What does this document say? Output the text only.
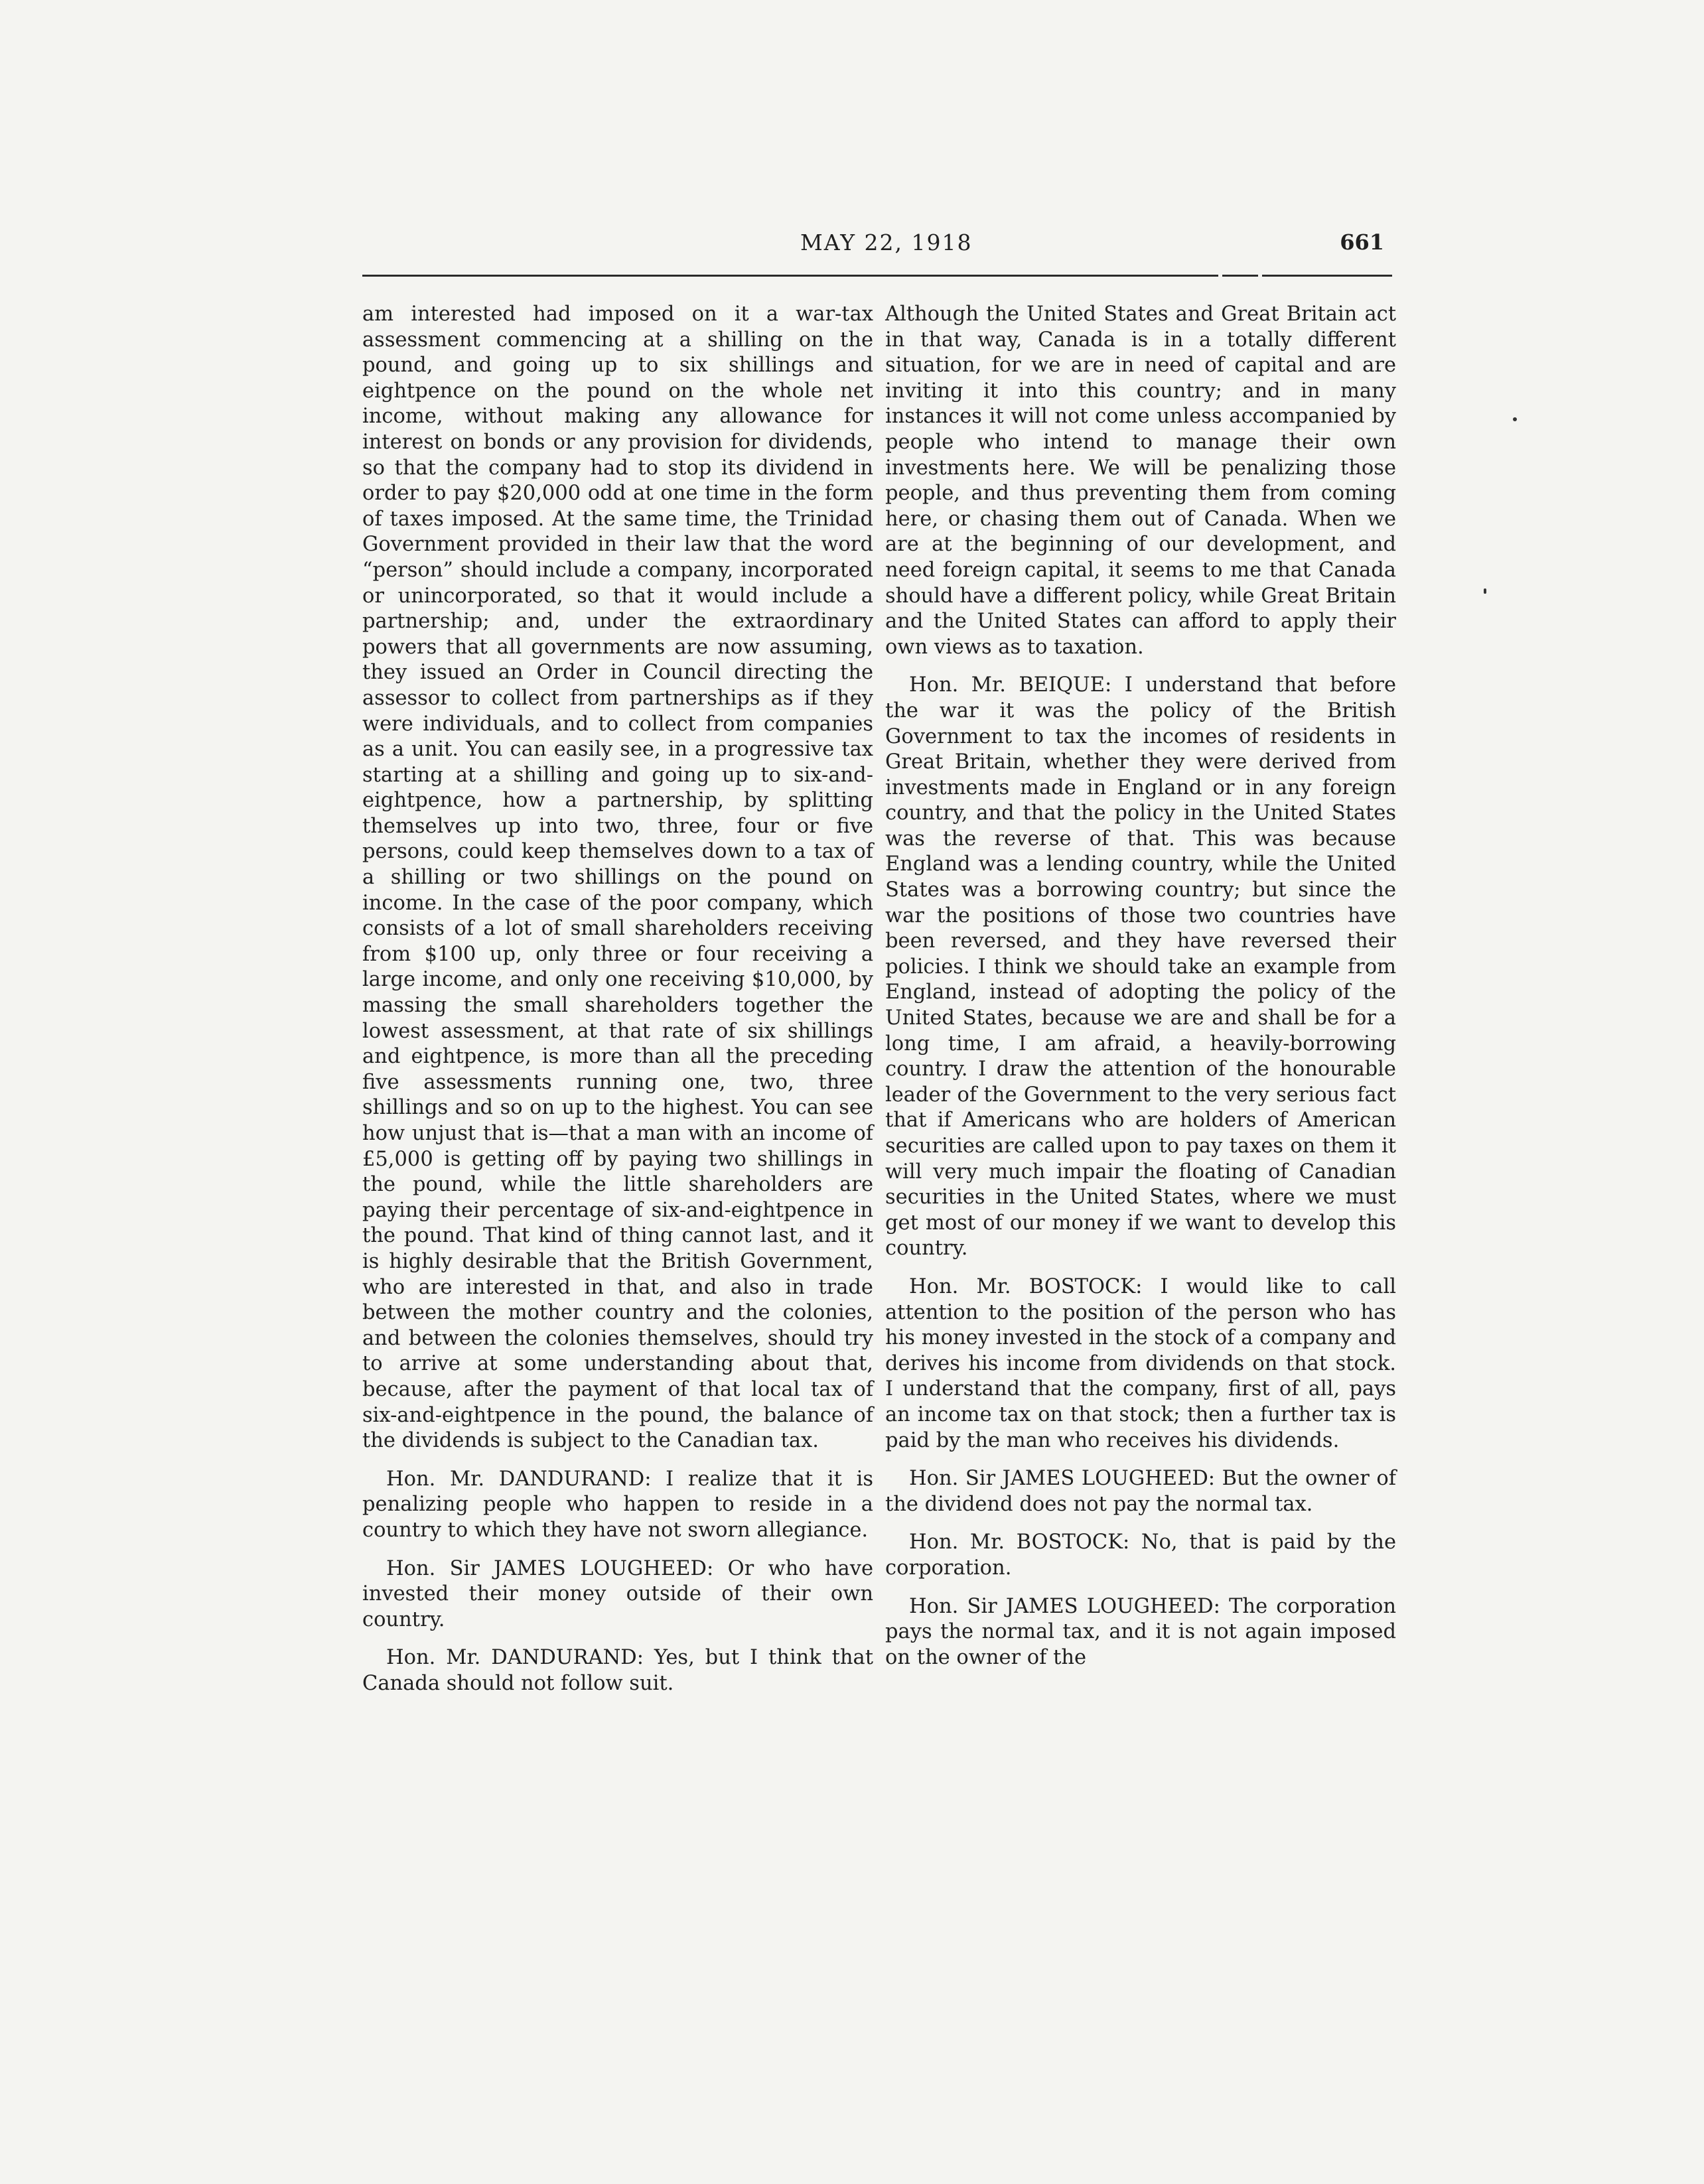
MAY 22, 1918	661

am interested had imposed on it a war-tax assessment commencing at a shilling on the pound, and going up to six shillings and eightpence on the pound on the whole net income, without making any allowance for interest on bonds or any provision for dividends, so that the company had to stop its dividend in order to pay $20,000 odd at one time in the form of taxes imposed. At the same time, the Trinidad Government provided in their law that the word “person” should include a company, incorporated or unincorporated, so that it would include a partnership; and, under the extraordinary powers that all governments are now assuming, they issued an Order in Council directing the assessor to collect from partnerships as if they were individuals, and to collect from companies as a unit. You can easily see, in a progressive tax starting at a shilling and going up to six-and-eightpence, how a partnership, by splitting themselves up into two, three, four or five persons, could keep themselves down to a tax of a shilling or two shillings on the pound on income. In the case of the poor company, which consists of a lot of small shareholders receiving from $100 up, only three or four receiving a large income, and only one receiving $10,000, by massing the small shareholders together the lowest assessment, at that rate of six shillings and eightpence, is more than all the preceding five assessments running one, two, three shillings and so on up to the highest. You can see how unjust that is—that a man with an income of £5,000 is getting off by paying two shillings in the pound, while the little shareholders are paying their percentage of six-and-eightpence in the pound. That kind of thing cannot last, and it is highly desirable that the British Government, who are interested in that, and also in trade between the mother country and the colonies, and between the colonies themselves, should try to arrive at some understanding about that, because, after the payment of that local tax of six-and-eightpence in the pound, the balance of the dividends is subject to the Canadian tax.

Hon. Mr. DANDURAND: I realize that it is penalizing people who happen to reside in a country to which they have not sworn allegiance.

Hon. Sir JAMES LOUGHEED: Or who have invested their money outside of their own country.

Hon. Mr. DANDURAND: Yes, but I think that Canada should not follow suit.

Although the United States and Great Britain act in that way, Canada is in a totally different situation, for we are in need of capital and are inviting it into this country; and in many instances it will not come unless accompanied by people who intend to manage their own investments here. We will be penalizing those people, and thus preventing them from coming here, or chasing them out of Canada. When we are at the beginning of our development, and need foreign capital, it seems to me that Canada should have a different policy, while Great Britain and the United States can afford to apply their own views as to taxation.

Hon. Mr. BEIQUE: I understand that before the war it was the policy of the British Government to tax the incomes of residents in Great Britain, whether they were derived from investments made in England or in any foreign country, and that the policy in the United States was the reverse of that. This was because England was a lending country, while the United States was a borrowing country; but since the war the positions of those two countries have been reversed, and they have reversed their policies. I think we should take an example from England, instead of adopting the policy of the United States, because we are and shall be for a long time, I am afraid, a heavily-borrowing country. I draw the attention of the honourable leader of the Government to the very serious fact that if Americans who are holders of American securities are called upon to pay taxes on them it will very much impair the floating of Canadian securities in the United States, where we must get most of our money if we want to develop this country.

Hon. Mr. BOSTOCK: I would like to call attention to the position of the person who has his money invested in the stock of a company and derives his income from dividends on that stock. I understand that the company, first of all, pays an income tax on that stock; then a further tax is paid by the man who receives his dividends.

Hon. Sir JAMES LOUGHEED: But the owner of the dividend does not pay the normal tax.

Hon. Mr. BOSTOCK: No, that is paid by the corporation.

Hon. Sir JAMES LOUGHEED: The corporation pays the normal tax, and it is not again imposed on the owner of the
